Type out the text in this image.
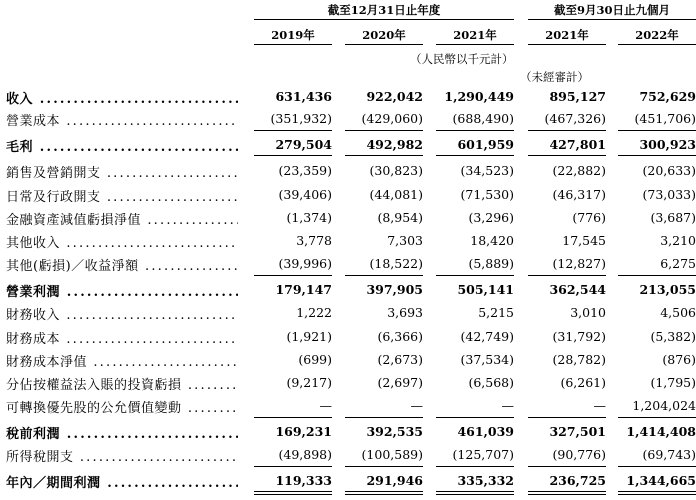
截至12月31日止年度	截至9月30日止九個月
2019年	2020年	2021年	2021年	2022年
（人民幣以千元計）
（未經審計）
收入 .....	631,436	922,042	1,290,449	895,127	752,629
營業成本 .....	(351,932)	(429,060)	(688,490)	(467,326)	(451,706)
毛利 .....	279,504	492,982	601,959	427,801	300,923
銷售及營銷開支 .....	(23,359)	(30,823)	(34,523)	(22,882)	(20,633)
日常及行政開支 .....	(39,406)	(44,081)	(71,530)	(46,317)	(73,033)
金融資產減值虧損淨值 .....	(1,374)	(8,954)	(3,296)	(776)	(3,687)
其他收入 .....	3,778	7,303	18,420	17,545	3,210
其他(虧損)／收益淨額 .....	(39,996)	(18,522)	(5,889)	(12,827)	6,275
營業利潤 .....	179,147	397,905	505,141	362,544	213,055
財務收入 .....	1,222	3,693	5,215	3,010	4,506
財務成本 .....	(1,921)	(6,366)	(42,749)	(31,792)	(5,382)
財務成本淨值 .....	(699)	(2,673)	(37,534)	(28,782)	(876)
分佔按權益法入賬的投資虧損 .....	(9,217)	(2,697)	(6,568)	(6,261)	(1,795)
可轉換優先股的公允價值變動 .....	—	—	—	—	1,204,024
稅前利潤 .....	169,231	392,535	461,039	327,501	1,414,408
所得稅開支 .....	(49,898)	(100,589)	(125,707)	(90,776)	(69,743)
年內／期間利潤 .....	119,333	291,946	335,332	236,725	1,344,665
